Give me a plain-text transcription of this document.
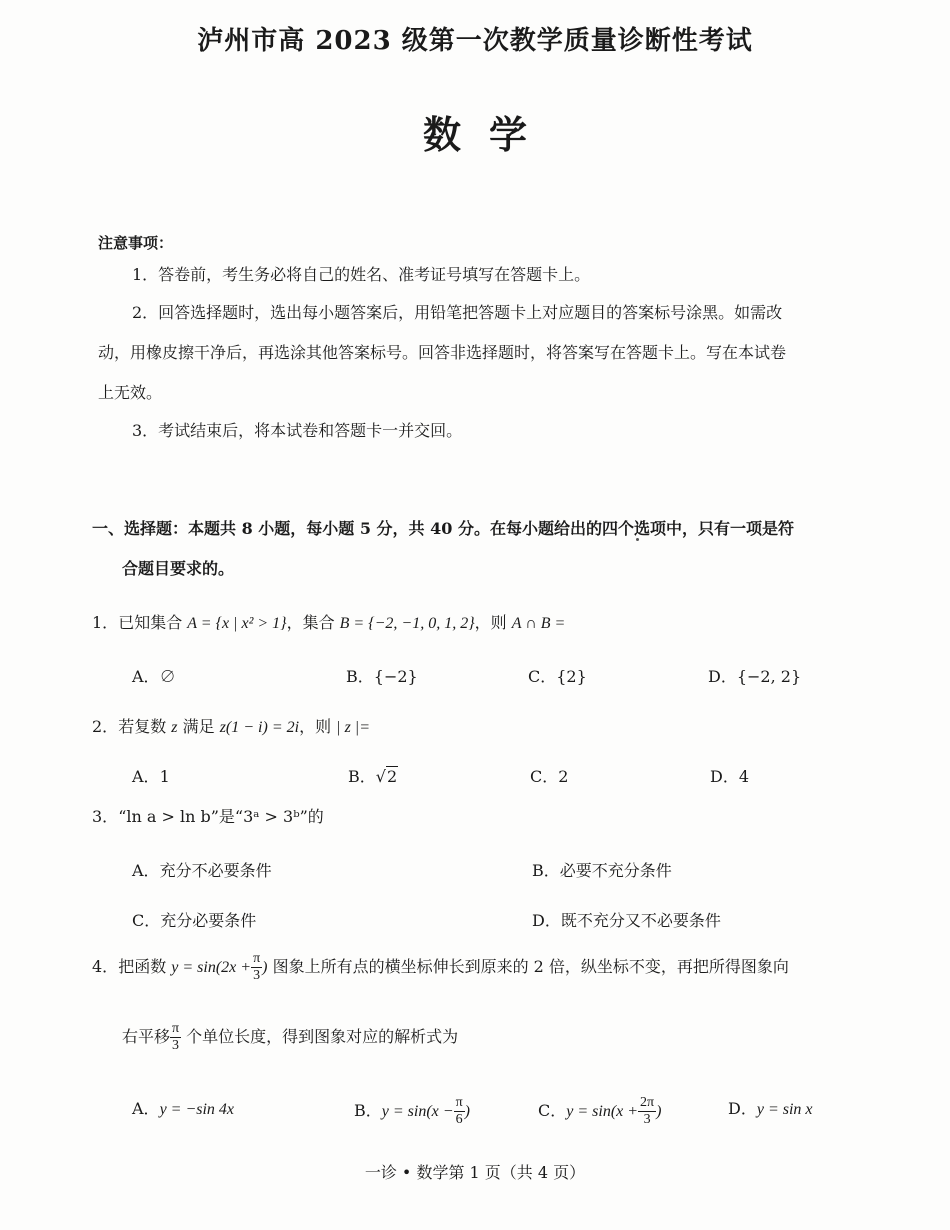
泸州市高 2023 级第一次教学质量诊断性考试
数学
注意事项：
1．答卷前，考生务必将自己的姓名、准考证号填写在答题卡上。
2．回答选择题时，选出每小题答案后，用铅笔把答题卡上对应题目的答案标号涂黑。如需改
动，用橡皮擦干净后，再选涂其他答案标号。回答非选择题时，将答案写在答题卡上。写在本试卷
上无效。
3．考试结束后，将本试卷和答题卡一并交回。
一、选择题：本题共 8 小题，每小题 5 分，共 40 分。在每小题给出的四个选项中，只有一项是符
合题目要求的。
1．已知集合 A = {x | x² > 1}，集合 B = {−2, −1, 0, 1, 2}，则 A ∩ B =
A．∅	B．{−2}	C．{2}	D．{−2, 2}
2．若复数 z 满足 z(1 − i) = 2i，则 | z |=
A．1	B．√2	C．2	D．4
3．“ln a > ln b”是“3ᵃ > 3ᵇ”的
A．充分不必要条件	B．必要不充分条件
C．充分必要条件	D．既不充分又不必要条件
4．把函数 $y = \sin(2x + \frac{\pi}{3}$ ) 图象上所有点的横坐标伸长到原来的 2 倍，纵坐标不变，再把所得图象向
右平移 $\frac{\pi}{3}$ 个单位长度，得到图象对应的解析式为
A．y = −sin 4x	B．$y = \sin(x - \frac{\pi}{6}$ )	C．$y = \sin(x + \frac{2\pi}{3}$ )	D．y = sin x
一诊 • 数学第 1 页（共 4 页）
